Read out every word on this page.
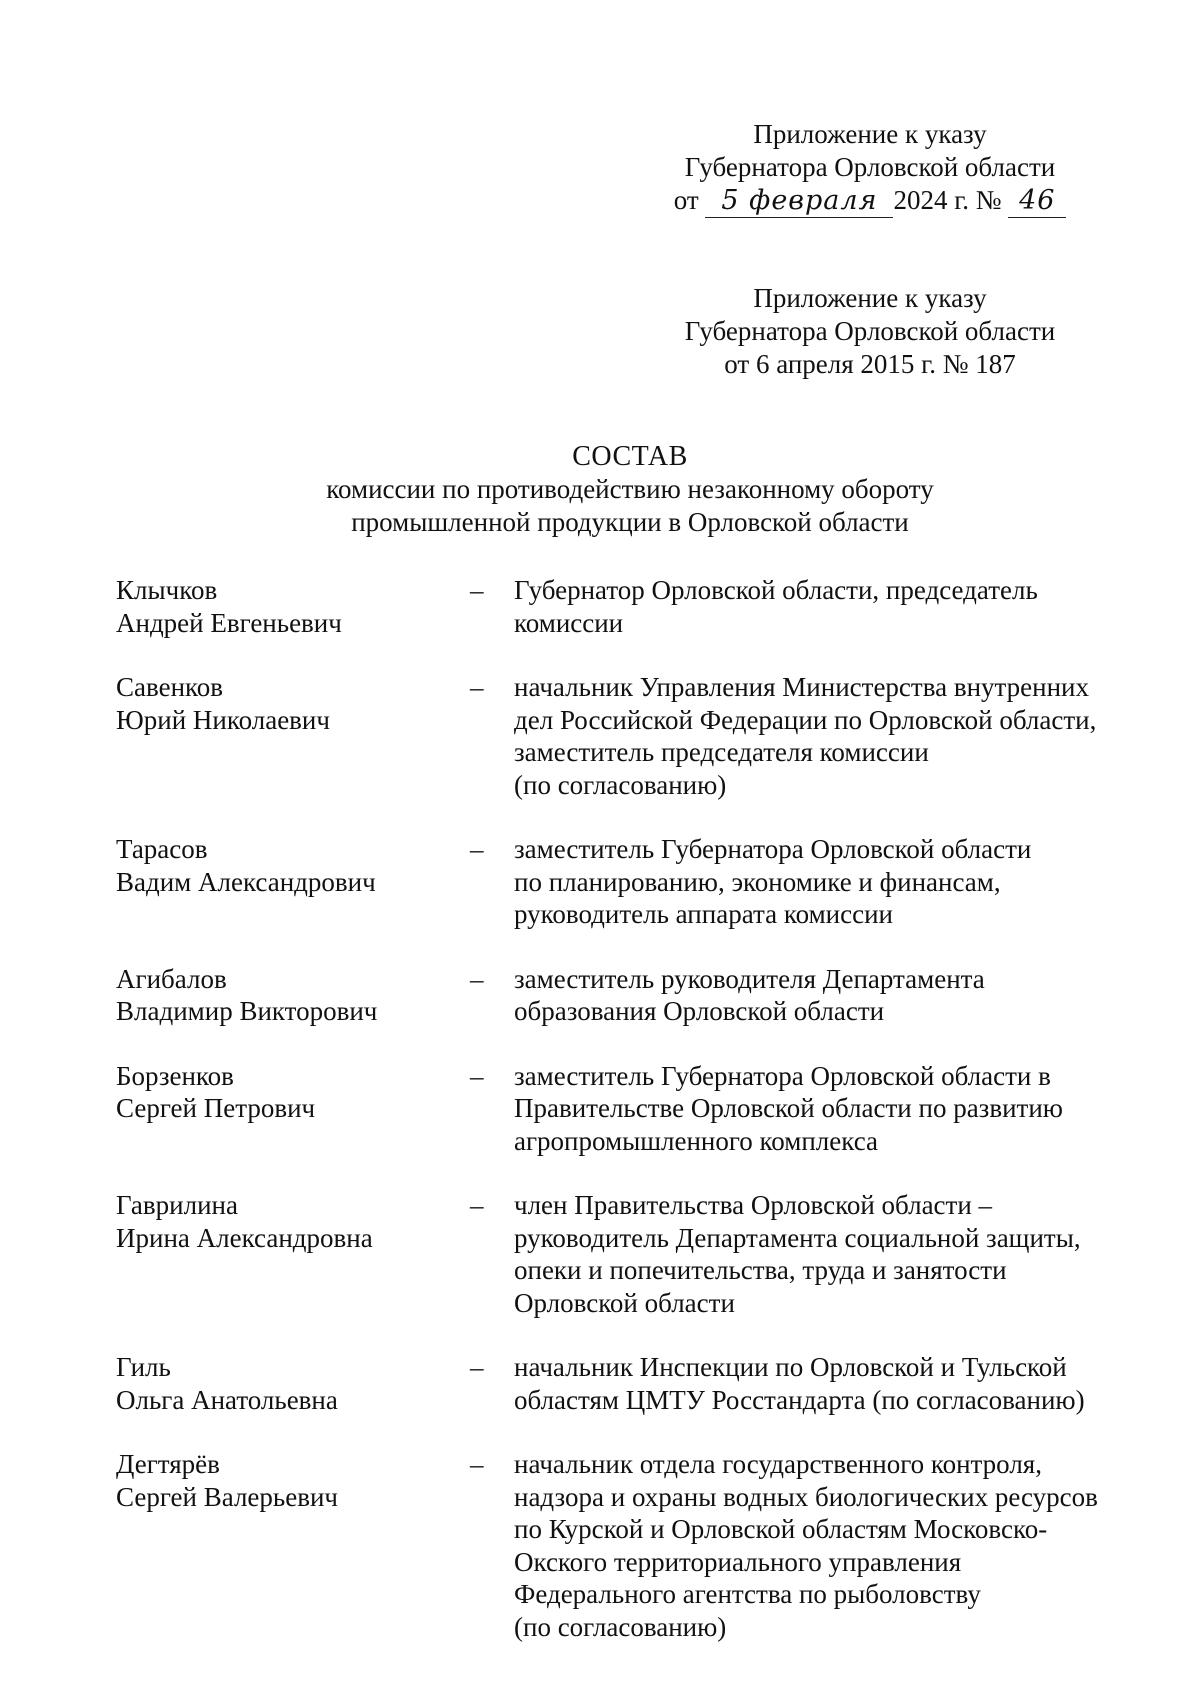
Приложение к указу
Губернатора Орловской области
от 5 февраля 2024 г. № 46
Приложение к указу
Губернатора Орловской области
от 6 апреля 2015 г. № 187
СОСТАВ
комиссии по противодействию незаконному обороту
промышленной продукции в Орловской области
Клычков
Андрей Евгеньевич
–	Губернатор Орловской области, председатель
комиссии
Савенков
Юрий Николаевич
–	начальник Управления Министерства внутренних
дел Российской Федерации по Орловской области,
заместитель председателя комиссии
(по согласованию)
Тарасов
Вадим Александрович
–	заместитель Губернатора Орловской области
по планированию, экономике и финансам,
руководитель аппарата комиссии
Агибалов
Владимир Викторович
–	заместитель руководителя Департамента
образования Орловской области
Борзенков
Сергей Петрович
–	заместитель Губернатора Орловской области в
Правительстве Орловской области по развитию
агропромышленного комплекса
Гаврилина
Ирина Александровна
–	член Правительства Орловской области –
руководитель Департамента социальной защиты,
опеки и попечительства, труда и занятости
Орловской области
Гиль
Ольга Анатольевна
–	начальник Инспекции по Орловской и Тульской
областям ЦМТУ Росстандарта (по согласованию)
Дегтярёв
Сергей Валерьевич
–	начальник отдела государственного контроля,
надзора и охраны водных биологических ресурсов
по Курской и Орловской областям Московско-
Окского территориального управления
Федерального агентства по рыболовству
(по согласованию)
